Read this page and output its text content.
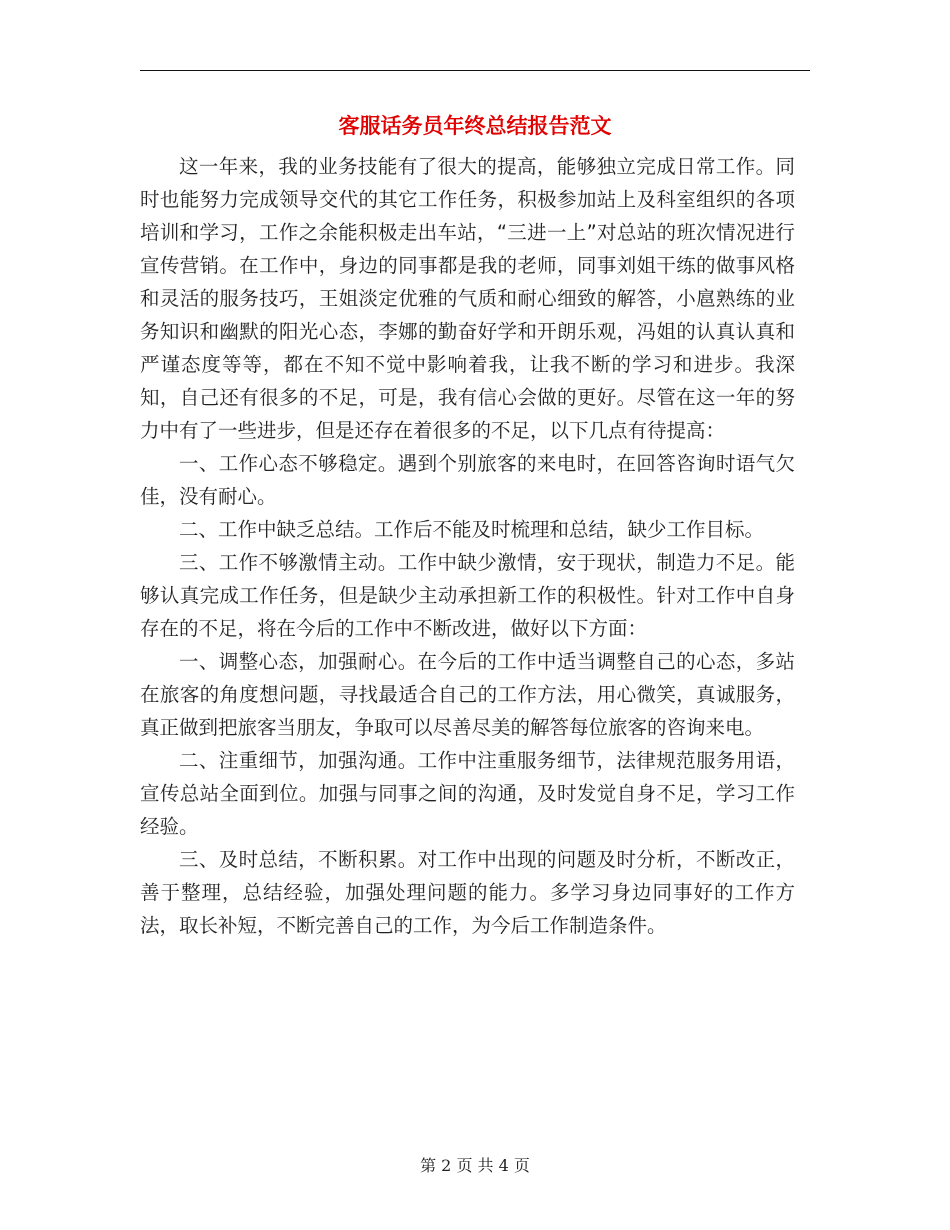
客服话务员年终总结报告范文

这一年来，我的业务技能有了很大的提高，能够独立完成日常工作。同时也能努力完成领导交代的其它工作任务，积极参加站上及科室组织的各项培训和学习，工作之余能积极走出车站，“三进一上”对总站的班次情况进行宣传营销。在工作中，身边的同事都是我的老师，同事刘姐干练的做事风格和灵活的服务技巧，王姐淡定优雅的气质和耐心细致的解答，小扈熟练的业务知识和幽默的阳光心态，李娜的勤奋好学和开朗乐观，冯姐的认真认真和严谨态度等等，都在不知不觉中影响着我，让我不断的学习和进步。我深知，自己还有很多的不足，可是，我有信心会做的更好。尽管在这一年的努力中有了一些进步，但是还存在着很多的不足，以下几点有待提高：

一、工作心态不够稳定。遇到个别旅客的来电时，在回答咨询时语气欠佳，没有耐心。

二、工作中缺乏总结。工作后不能及时梳理和总结，缺少工作目标。

三、工作不够激情主动。工作中缺少激情，安于现状，制造力不足。能够认真完成工作任务，但是缺少主动承担新工作的积极性。针对工作中自身存在的不足，将在今后的工作中不断改进，做好以下方面：

一、调整心态，加强耐心。在今后的工作中适当调整自己的心态，多站在旅客的角度想问题，寻找最适合自己的工作方法，用心微笑，真诚服务，真正做到把旅客当朋友，争取可以尽善尽美的解答每位旅客的咨询来电。

二、注重细节，加强沟通。工作中注重服务细节，法律规范服务用语，宣传总站全面到位。加强与同事之间的沟通，及时发觉自身不足，学习工作经验。

三、及时总结，不断积累。对工作中出现的问题及时分析，不断改正，善于整理，总结经验，加强处理问题的能力。多学习身边同事好的工作方法，取长补短，不断完善自己的工作，为今后工作制造条件。

第 2 页 共 4 页
